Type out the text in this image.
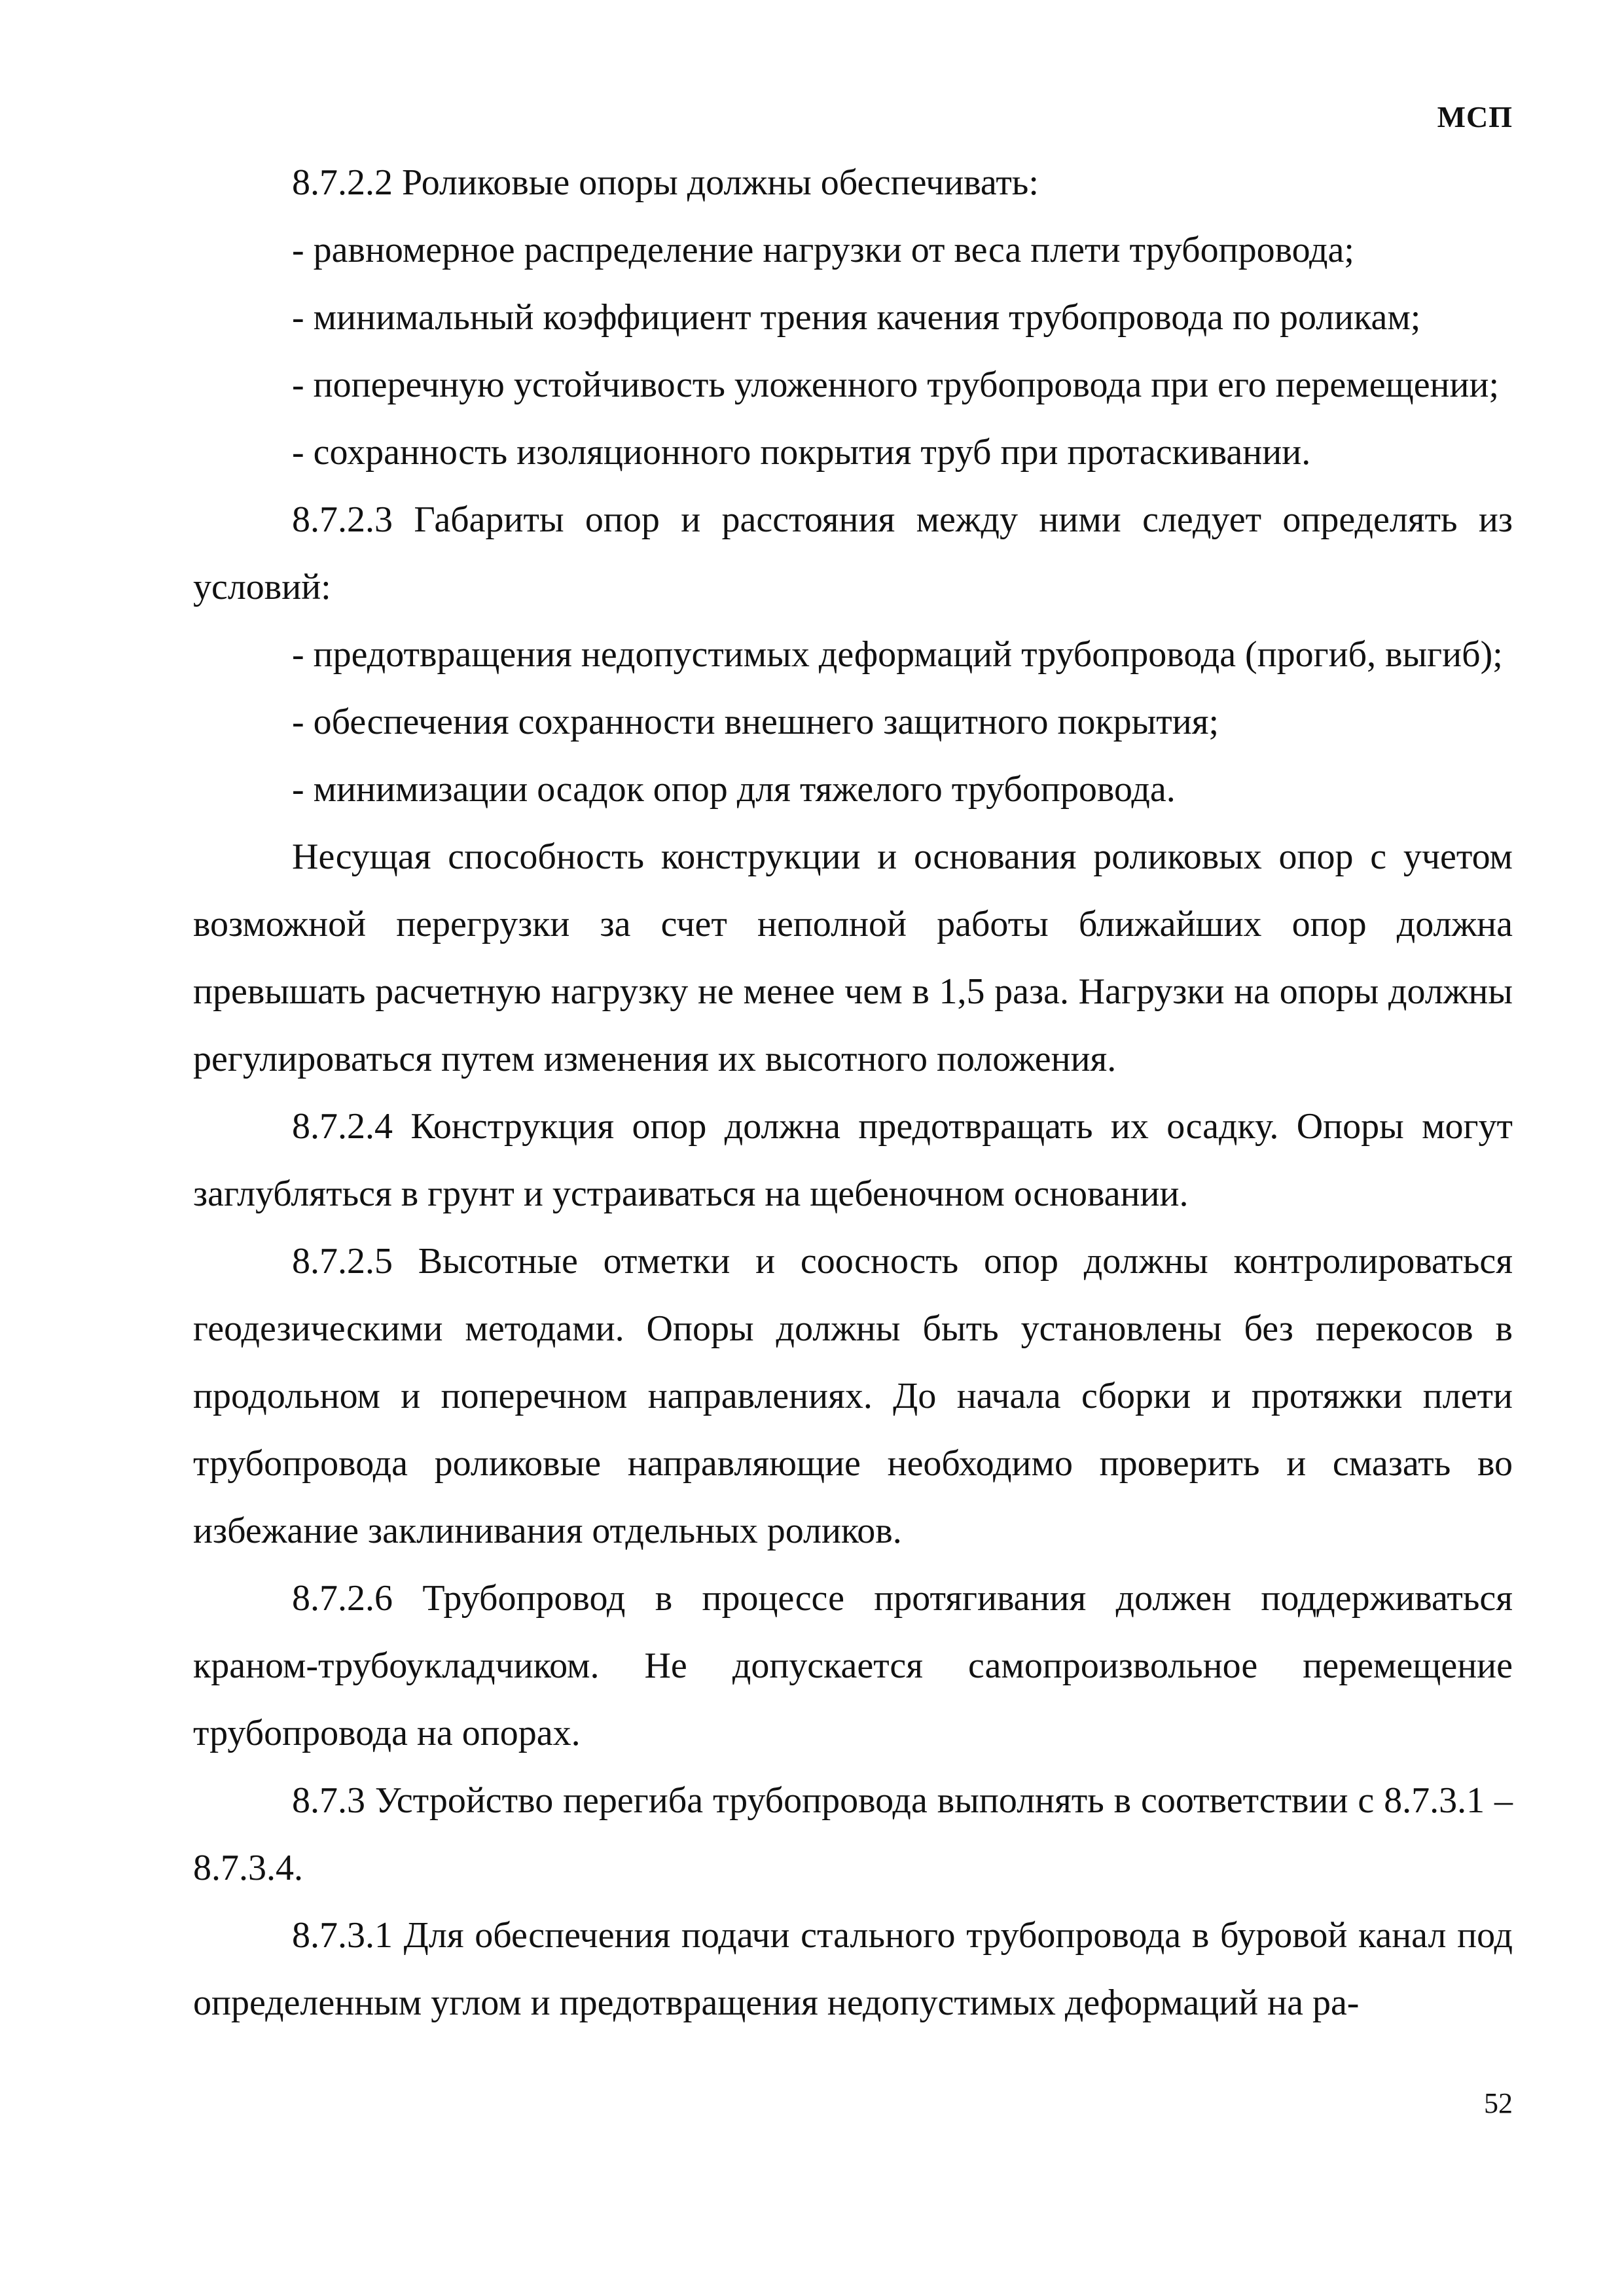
МСП

8.7.2.2 Роликовые опоры должны обеспечивать:

- равномерное распределение нагрузки от веса плети трубопровода;

- минимальный коэффициент трения качения трубопровода по роликам;

- поперечную устойчивость уложенного трубопровода при его перемещении;

- сохранность изоляционного покрытия труб при протаскивании.

8.7.2.3 Габариты опор и расстояния между ними следует определять из условий:

- предотвращения недопустимых деформаций трубопровода (прогиб, выгиб);

- обеспечения сохранности внешнего защитного покрытия;

- минимизации осадок опор для тяжелого трубопровода.

Несущая способность конструкции и основания роликовых опор с учетом возможной перегрузки за счет неполной работы ближайших опор должна превышать расчетную нагрузку не менее чем в 1,5 раза. Нагрузки на опоры должны регулироваться путем изменения их высотного положения.

8.7.2.4 Конструкция опор должна предотвращать их осадку. Опоры могут заглубляться в грунт и устраиваться на щебеночном основании.

8.7.2.5 Высотные отметки и соосность опор должны контролироваться геодезическими методами. Опоры должны быть установлены без перекосов в продольном и поперечном направлениях. До начала сборки и протяжки плети трубопровода роликовые направляющие необходимо проверить и смазать во избежание заклинивания отдельных роликов.

8.7.2.6 Трубопровод в процессе протягивания должен поддерживаться краном-трубоукладчиком. Не допускается самопроизвольное перемещение трубопровода на опорах.

8.7.3 Устройство перегиба трубопровода выполнять в соответствии с 8.7.3.1 – 8.7.3.4.

8.7.3.1 Для обеспечения подачи стального трубопровода в буровой канал под определенным углом и предотвращения недопустимых деформаций на ра-

52
